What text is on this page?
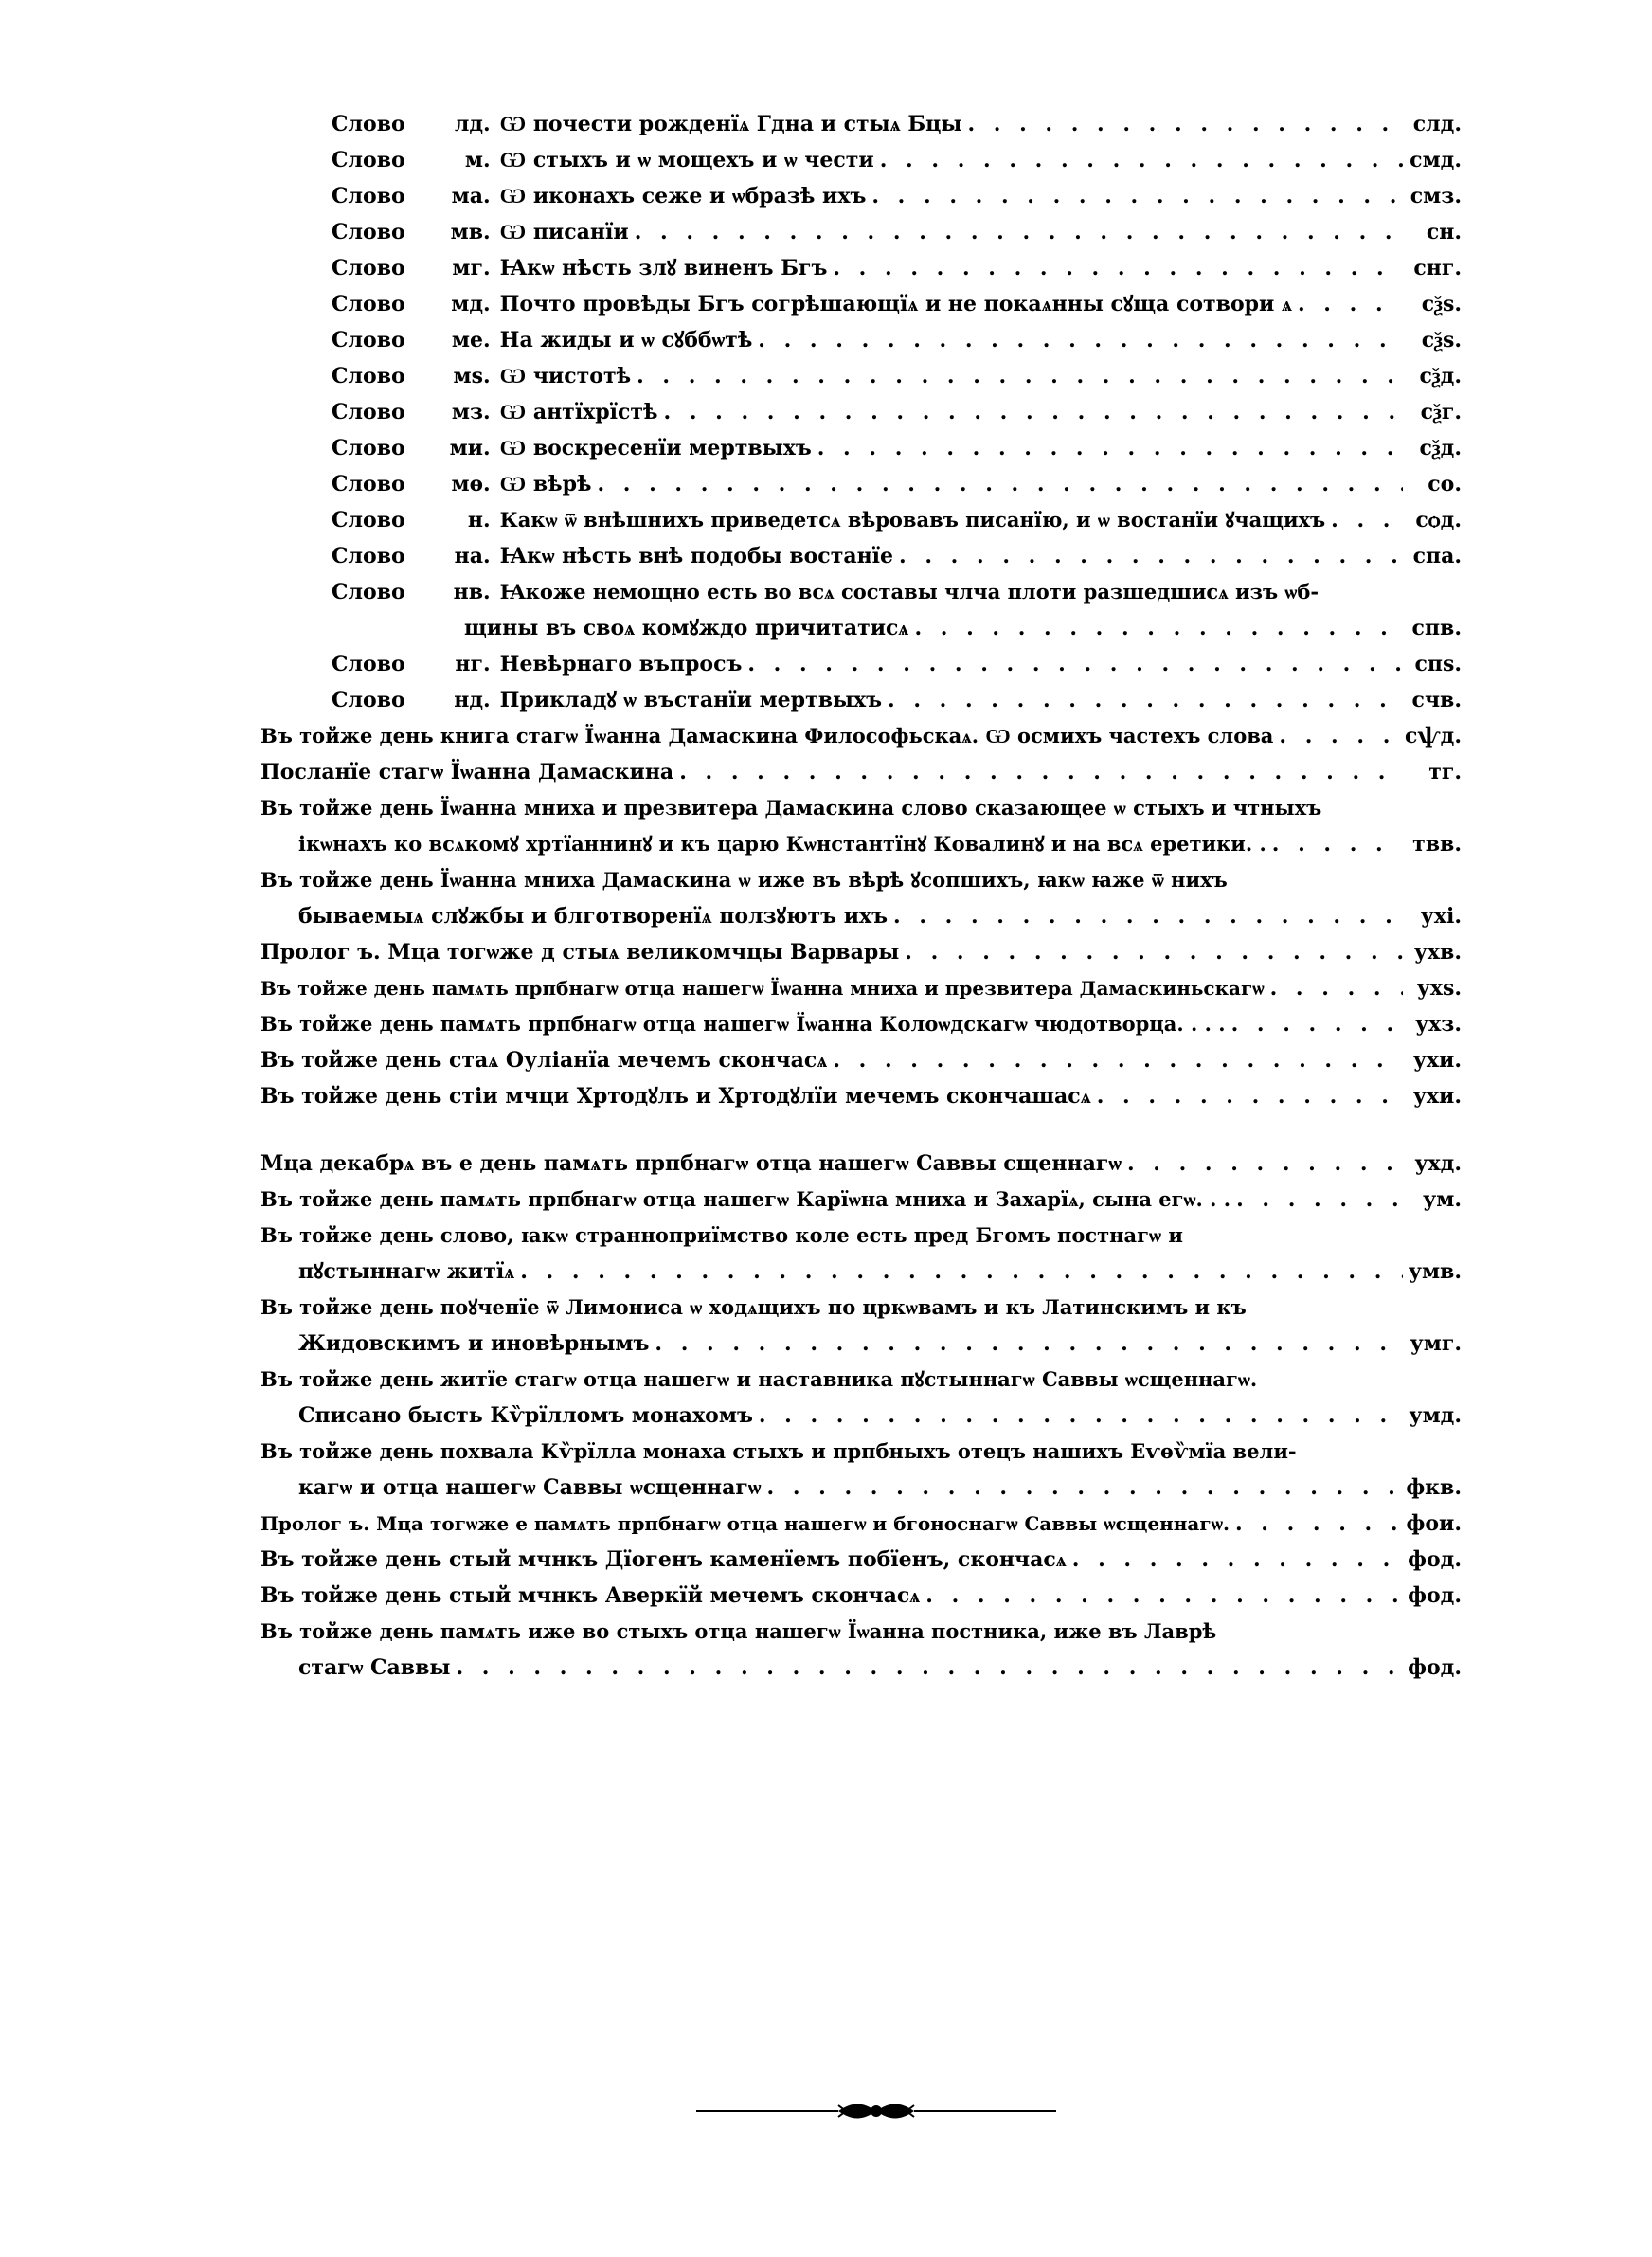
Слово	лд. Ѡ почести рожденїѧ Гдна и стыѧ Бцы . . .	слд.
Слово	м. Ѡ стыхъ и ѡ мощехъ и ѡ чести . . .	смд.
Слово	ма. Ѡ иконахъ сеже и ѡбразѣ ихъ . . .	смз.
Слово	мв. Ѡ писанїи . . .	сн.
Слово	мг. Ꙗкѡ нѣсть злꙋ виненъ Бгъ . . .	снг.
Слово	мд. Почто провѣды Бгъ согрѣшающїѧ и не покаѧнны сꙋща сотвори ѧ . . .	сѯѕ.
Слово	ме. На жиды и ѡ сꙋббѡтѣ . . .	сѯѕ.
Слово	мѕ. Ѡ чистотѣ . . .	сѯд.
Слово	мз. Ѡ антїхрїстѣ . . .	сѯг.
Слово	ми. Ѡ воскресенїи мертвыхъ . . .	сѯд.
Слово	мѳ. Ѡ вѣрѣ . . .	со.
Слово	н. Какѡ ѿ внѣшнихъ приведетсѧ вѣровавъ писанїю, и ѡ востанїи ꙋчащихъ . . .	сѻд.
Слово	на. Ꙗкѡ нѣсть внѣ подобы востанїе . . .	спа.
Слово	нв. Ꙗкоже немощно есть во всѧ составы члча плоти разшедшисѧ изъ ѡб-
щины въ своѧ комꙋждо причитатисѧ . . .	спв.
Слово	нг. Невѣрнаго въпросъ . . .	спѕ.
Слово	нд. Прикладꙋ ѡ въстанїи мертвыхъ . . .	счв.
Въ тойже день книга стагѡ Їѡанна Дамаскина Философьскаѧ. Ѡ осмихъ частехъ слова . . .	сѱд.
Посланїе стагѡ Їѡанна Дамаскина . . .	тг.
Въ тойже день Їѡанна мниха и презвитера Дамаскина слово сказающее ѡ стыхъ и чтныхъ
ікѡнахъ ко всѧкомꙋ хртїаннинꙋ и къ царю Кѡнстантїнꙋ Ковалинꙋ и на всѧ еретики. . . . .	твв.
Въ тойже день Їѡанна мниха Дамаскина ѡ иже въ вѣрѣ ꙋсопшихъ, ꙗкѡ ꙗже ѿ нихъ
бываемыѧ слꙋжбы и блготворенїѧ ползꙋютъ ихъ . . .	ухі.
Пролог ъ. Мца тогѡже д стыѧ великомчцы Варвары . . .	ухв.
Въ тойже день памѧть прпбнагѡ отца нашегѡ Їѡанна мниха и презвитера Дамаскиньскагѡ . . .	ухѕ.
Въ тойже день памѧть прпбнагѡ отца нашегѡ Їѡанна Колоѡдскагѡ чюдотворца. . . . . . .	ухз.
Въ тойже день стаѧ Оуліанїа мечемъ скончасѧ . . .	ухи.
Въ тойже день стіи мчци Хртодꙋлъ и Хртодꙋлїи мечемъ скончашасѧ . . .	ухи.
Мца декабрѧ въ е день памѧть прпбнагѡ отца нашегѡ Саввы сщеннагѡ . . .	ухд.
Въ тойже день памѧть прпбнагѡ отца нашегѡ Карїѡна мниха и Захарїѧ, сына егѡ. . . . . .	ум.
Въ тойже день слово, ꙗкѡ странноприїмство коле есть пред Бгомъ постнагѡ и
пꙋстыннагѡ житїѧ . . .	умв.
Въ тойже день поꙋченїе ѿ Лимониса ѡ ходѧщихъ по цркѡвамъ и къ Латинскимъ и къ
Жидовскимъ и иновѣрнымъ . . .	умг.
Въ тойже день житїе стагѡ отца нашегѡ и наставника пꙋстыннагѡ Саввы ѡсщеннагѡ.
Списано бысть Кѷрїлломъ монахомъ . . .	умд.
Въ тойже день похвала Кѷрїлла монаха стыхъ и прпбныхъ отецъ нашихъ Еѵѳѷмїа вели-
кагѡ и отца нашегѡ Саввы ѡсщеннагѡ . . .	фкв.
Пролог ъ. Мца тогѡже е памѧть прпбнагѡ отца нашегѡ и бгоноснагѡ Саввы ѡсщеннагѡ. . . .	фои.
Въ тойже день стый мчнкъ Дїогенъ каменїемъ побїенъ, скончасѧ . . .	фод.
Въ тойже день стый мчнкъ Аверкїй мечемъ скончасѧ . . .	фод.
Въ тойже день памѧть иже во стыхъ отца нашегѡ Їѡанна постника, иже въ Лаврѣ
стагѡ Саввы . . .	фод.
